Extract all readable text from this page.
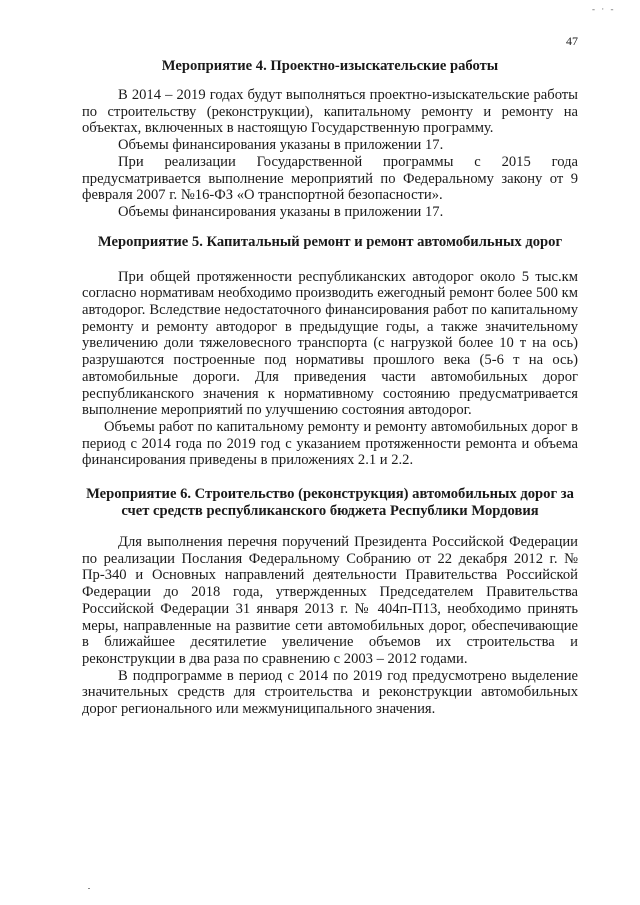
- · -
47
Мероприятие 4. Проектно-изыскательские работы

В 2014 – 2019 годах будут выполняться проектно-изыскательские работы по строительству (реконструкции), капитальному ремонту и ремонту на объектах, включенных в настоящую Государственную программу.

Объемы финансирования указаны в приложении 17.

При реализации Государственной программы с 2015 года предусматривается выполнение мероприятий по Федеральному закону от 9 февраля 2007 г. №16-ФЗ «О транспортной безопасности».

Объемы финансирования указаны в приложении 17.

Мероприятие 5. Капитальный ремонт и ремонт автомобильных дорог

При общей протяженности республиканских автодорог около 5 тыс.км согласно нормативам необходимо производить ежегодный ремонт более 500 км автодорог. Вследствие недостаточного финансирования работ по капитальному ремонту и ремонту автодорог в предыдущие годы, а также значительному увеличению доли тяжеловесного транспорта (с нагрузкой более 10 т на ось) разрушаются построенные под нормативы прошлого века (5-6 т на ось) автомобильные дороги. Для приведения части автомобильных дорог республиканского значения к нормативному состоянию предусматривается выполнение мероприятий по улучшению состояния автодорог.

Объемы работ по капитальному ремонту и ремонту автомобильных дорог в период с 2014 года по 2019 год с указанием протяженности ремонта и объема финансирования приведены в приложениях 2.1 и 2.2.

Мероприятие 6. Строительство (реконструкция) автомобильных дорог за счет средств республиканского бюджета Республики Мордовия

Для выполнения перечня поручений Президента Российской Федерации по реализации Послания Федеральному Собранию от 22 декабря 2012 г. № Пр-340 и Основных направлений деятельности Правительства Российской Федерации до 2018 года, утвержденных Председателем Правительства Российской Федерации 31 января 2013 г. № 404п-П13, необходимо принять меры, направленные на развитие сети автомобильных дорог, обеспечивающие в ближайшее десятилетие увеличение объемов их строительства и реконструкции в два раза по сравнению с 2003 – 2012 годами.

В подпрограмме в период с 2014 по 2019 год предусмотрено выделение значительных средств для строительства и реконструкции автомобильных дорог регионального или межмуниципального значения.
